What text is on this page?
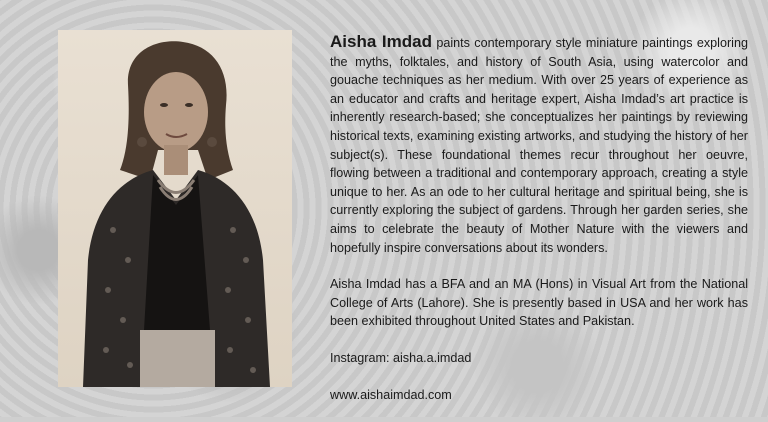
Aisha Imdad paints contemporary style miniature paintings exploring the myths, folktales, and history of South Asia, using watercolor and gouache techniques as her medium. With over 25 years of experience as an educator and crafts and heritage expert, Aisha Imdad’s art practice is inherently research-based; she conceptualizes her paintings by reviewing historical texts, examining existing artworks, and studying the history of her subject(s). These foundational themes recur throughout her oeuvre, flowing between a traditional and contemporary approach, creating a style unique to her. As an ode to her cultural heritage and spiritual being, she is currently exploring the subject of gardens. Through her garden series, she aims to celebrate the beauty of Mother Nature with the viewers and hopefully inspire conversations about its wonders.

Aisha Imdad has a BFA and an MA (Hons) in Visual Art from the National College of Arts (Lahore). She is presently based in USA and her work has been exhibited throughout United States and Pakistan.

Instagram: aisha.a.imdad

www.aishaimdad.com
